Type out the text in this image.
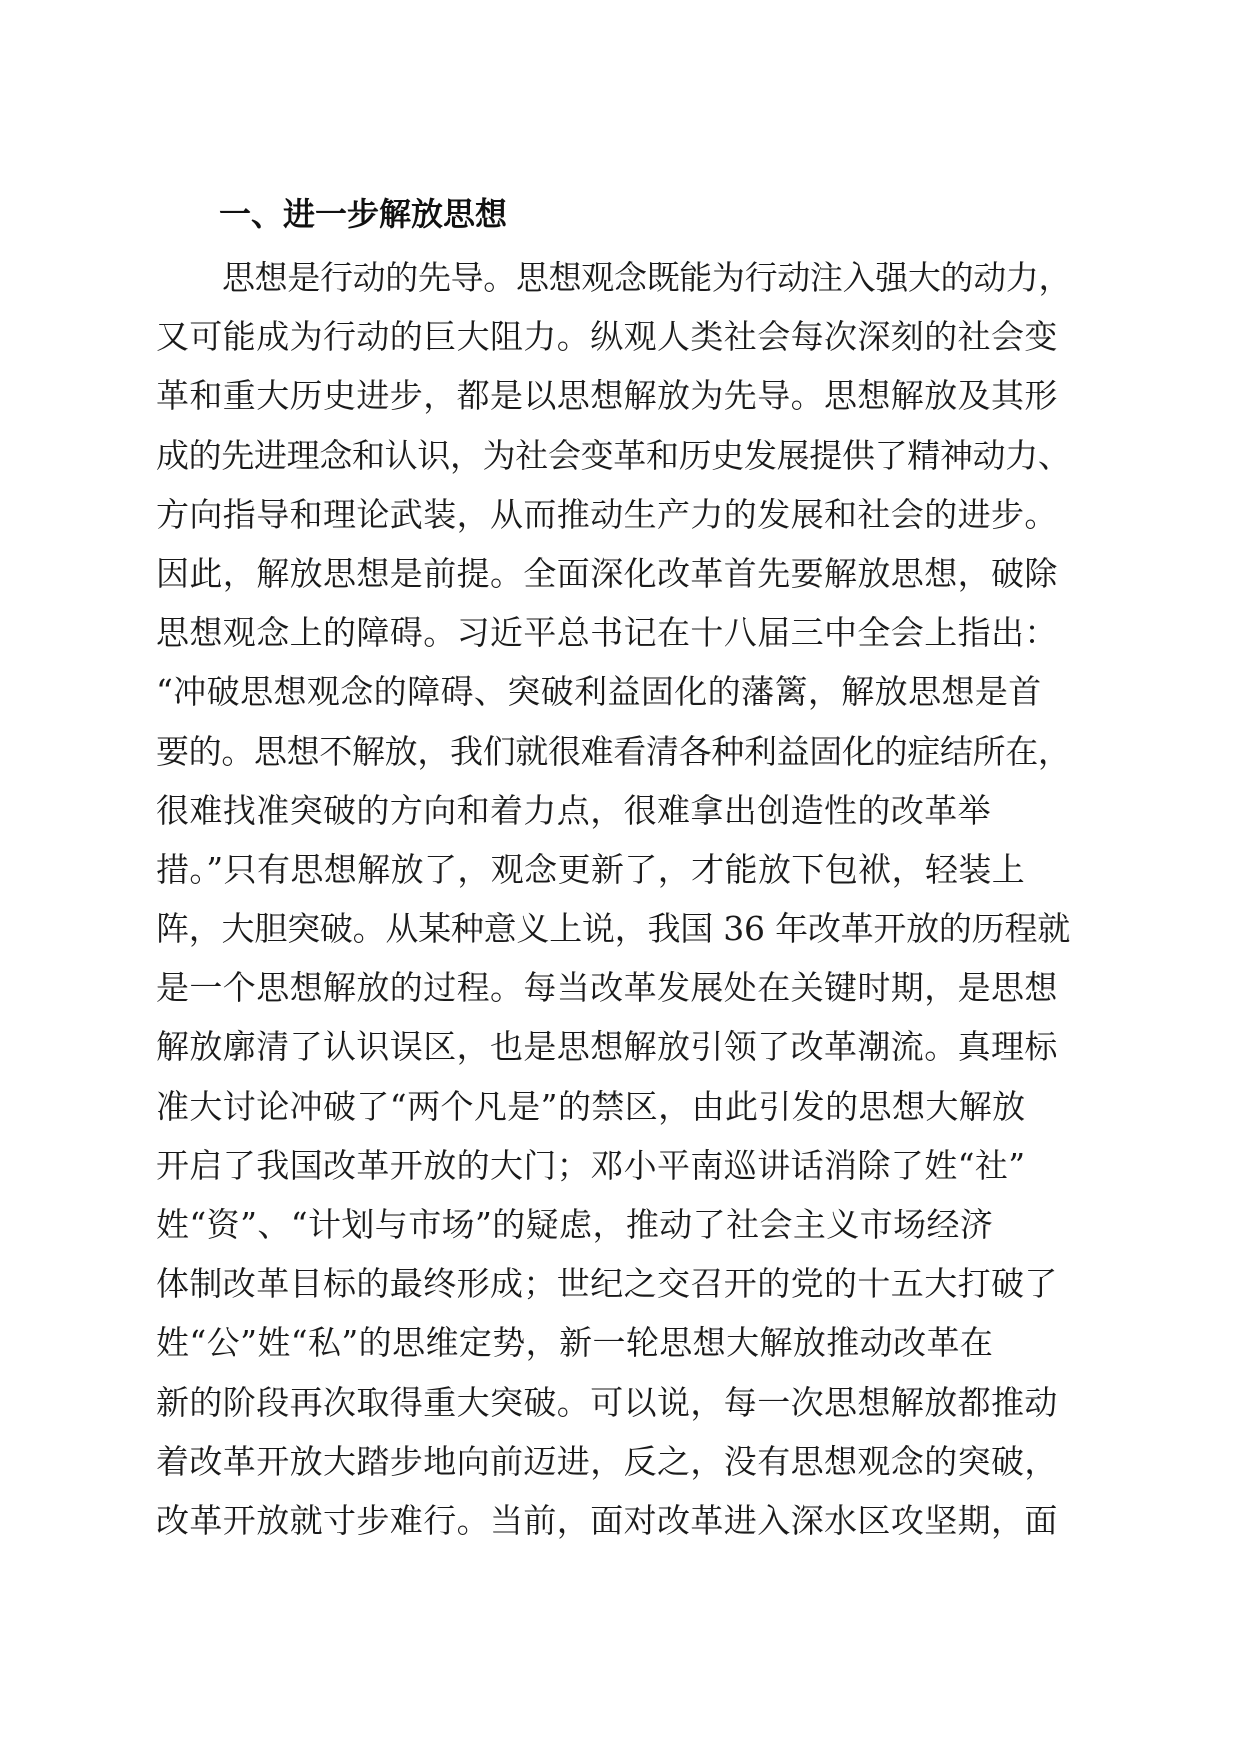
一、进一步解放思想
思想是行动的先导。思想观念既能为行动注入强大的动力，
又可能成为行动的巨大阻力。纵观人类社会每次深刻的社会变
革和重大历史进步，都是以思想解放为先导。思想解放及其形
成的先进理念和认识，为社会变革和历史发展提供了精神动力、
方向指导和理论武装，从而推动生产力的发展和社会的进步。
因此，解放思想是前提。全面深化改革首先要解放思想，破除
思想观念上的障碍。习近平总书记在十八届三中全会上指出：
“冲破思想观念的障碍、突破利益固化的藩篱，解放思想是首
要的。思想不解放，我们就很难看清各种利益固化的症结所在，
很难找准突破的方向和着力点，很难拿出创造性的改革举
措。”只有思想解放了，观念更新了，才能放下包袱，轻装上
阵，大胆突破。从某种意义上说，我国 36 年改革开放的历程就
是一个思想解放的过程。每当改革发展处在关键时期，是思想
解放廓清了认识误区，也是思想解放引领了改革潮流。真理标
准大讨论冲破了“两个凡是”的禁区，由此引发的思想大解放
开启了我国改革开放的大门；邓小平南巡讲话消除了姓“社”
姓“资”、“计划与市场”的疑虑，推动了社会主义市场经济
体制改革目标的最终形成；世纪之交召开的党的十五大打破了
姓“公”姓“私”的思维定势，新一轮思想大解放推动改革在
新的阶段再次取得重大突破。可以说，每一次思想解放都推动
着改革开放大踏步地向前迈进，反之，没有思想观念的突破，
改革开放就寸步难行。当前，面对改革进入深水区攻坚期，面
